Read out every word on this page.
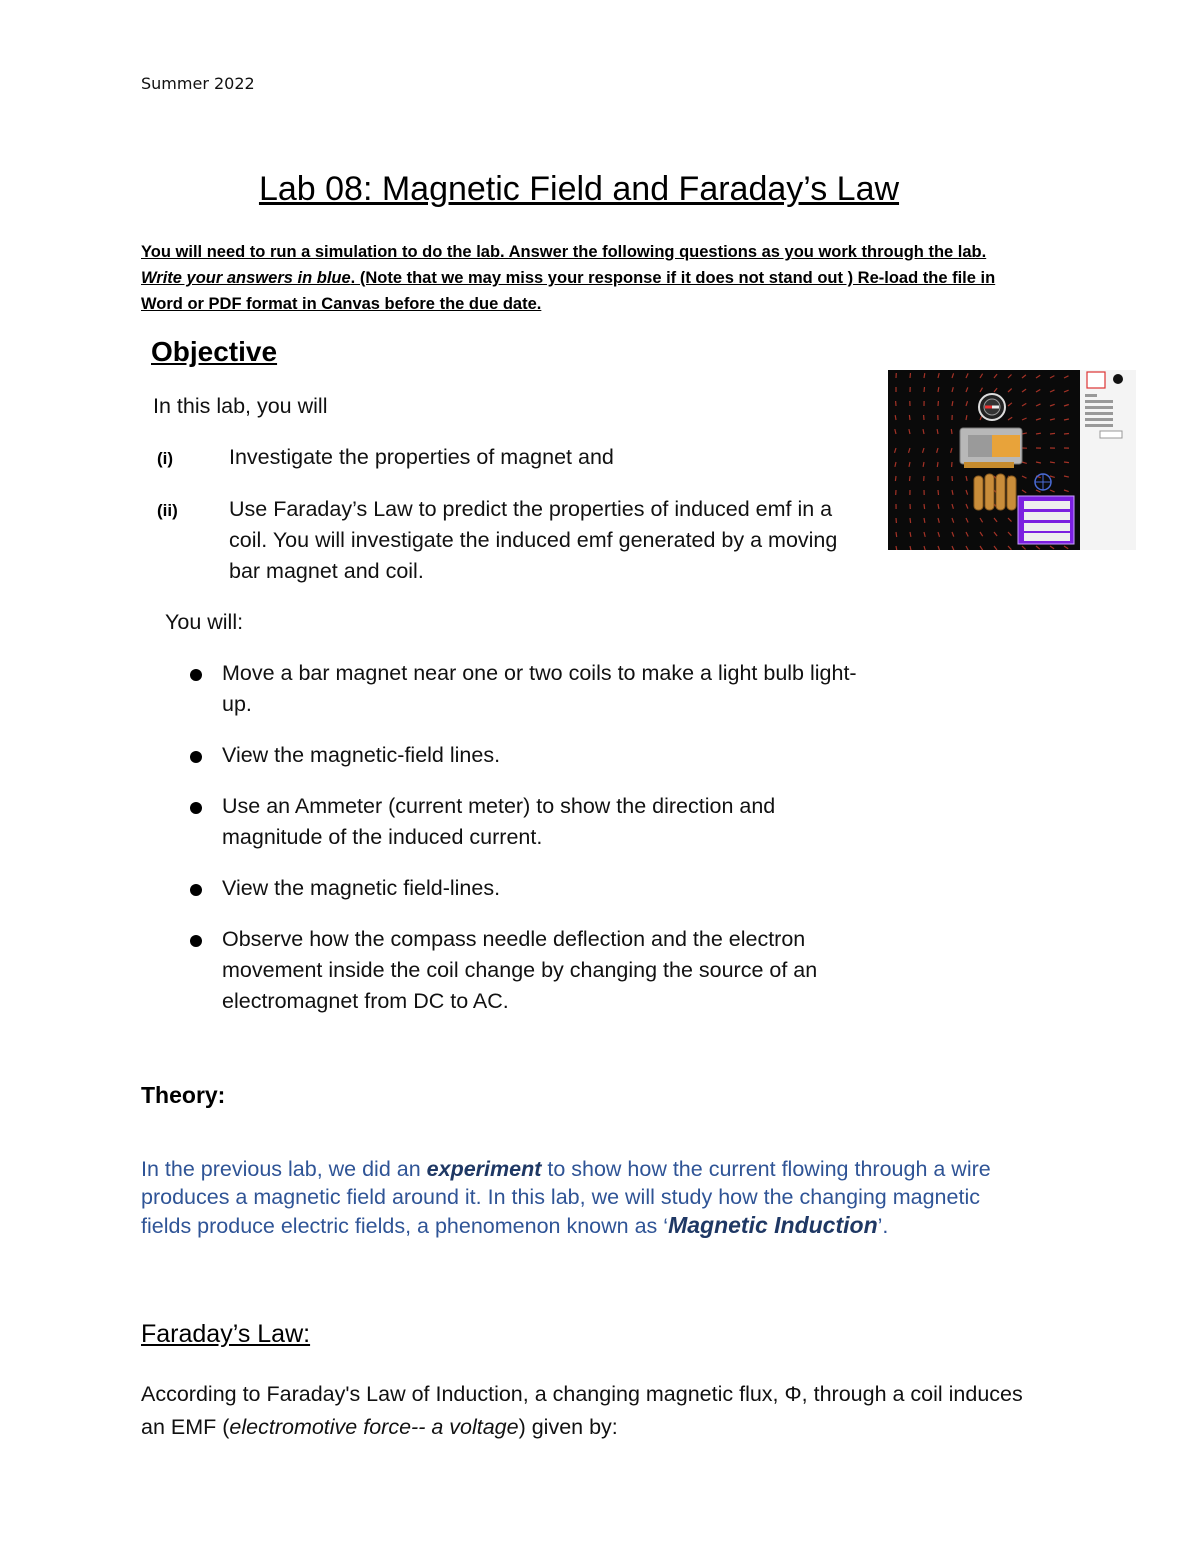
Summer 2022
Lab 08: Magnetic Field and Faraday’s Law
You will need to run a simulation to do the lab. Answer the following questions as you work through the lab. Write your answers in blue. (Note that we may miss your response if it does not stand out ) Re-load the file in Word or PDF format in Canvas before the due date.
Objective
In this lab, you will
(i)	Investigate the properties of magnet and
(ii) Use Faraday’s Law to predict the properties of induced emf in a coil. You will investigate the induced emf generated by a moving bar magnet and coil.
You will:
Move a bar magnet near one or two coils to make a light bulb light-up.
View the magnetic-field lines.
Use an Ammeter (current meter) to show the direction and magnitude of the induced current.
View the magnetic field-lines.
Observe how the compass needle deflection and the electron movement inside the coil change by changing the source of an electromagnet from DC to AC.
Theory:
In the previous lab, we did an experiment to show how the current flowing through a wire produces a magnetic field around it. In this lab, we will study how the changing magnetic fields produce electric fields, a phenomenon known as ‘Magnetic Induction’.
Faraday’s Law:
According to Faraday's Law of Induction, a changing magnetic flux, Φ, through a coil induces an EMF (electromotive force-- a voltage) given by:
